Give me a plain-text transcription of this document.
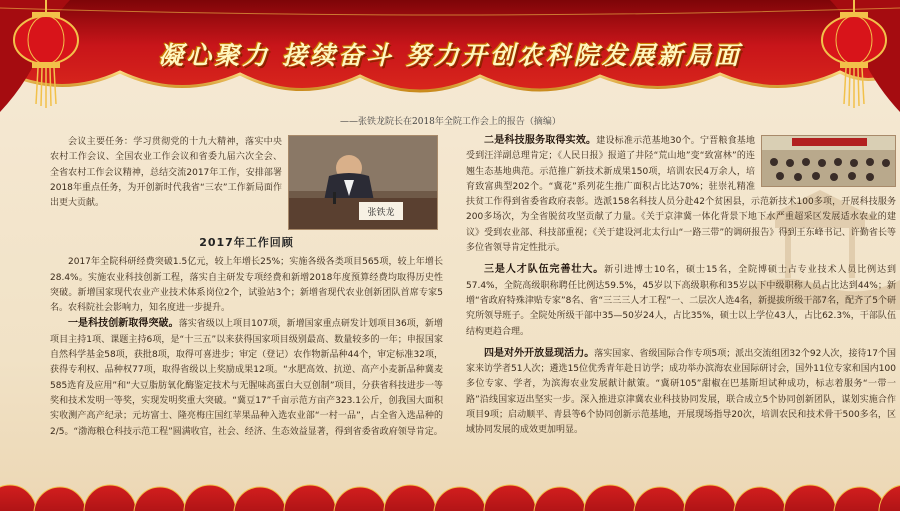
凝心聚力 接续奋斗 努力开创农科院发展新局面
——张铁龙院长在2018年全院工作会上的报告（摘编）

会议主要任务：学习贯彻党的十九大精神，落实中央农村工作会议、全国农业工作会议和省委九届六次全会、全省农村工作会议精神，总结交流2017年工作，安排部署2018年重点任务，为开创新时代我省“三农”工作新局面作出更大贡献。

张铁龙
2017年工作回顾

2017年全院科研经费突破1.5亿元，较上年增长25%；实施各级各类项目565项，较上年增长28.4%。实施农业科技创新工程，落实自主研发专项经费和新增2018年度预算经费均取得历史性突破。新增国家现代农业产业技术体系岗位2个，试验站3个；新增省现代农业创新团队首席专家5名。农科院社会影响力，知名度进一步提升。

一是科技创新取得突破。落实省级以上项目107项，新增国家重点研发计划项目36项，新增项目主持1项、课题主持6项，是“十三五”以来获得国家项目级别最高、数量较多的一年；申报国家自然科学基金58项，获批8项，取得可喜进步；审定（登记）农作物新品种44个，审定标准32项，获得专利权、品种权77项，取得省级以上奖励成果12项。“水肥高效、抗逆、高产小麦新品种冀麦585选育及应用”和“大豆脂肪氧化酶鉴定技术与无腥味高蛋白大豆创制”项目，分获省科技进步一等奖和技术发明一等奖，实现发明奖重大突破。“冀豆17”千亩示范方亩产323.1公斤，创我国大面积实收测产高产纪录；元坊富士、隆亮梅庄国红苹果品种入选农业部“一村一品”，占全省入选品种的2/5。“渤海粮仓科技示范工程”圆满收官，社会、经济、生态效益显著，得到省委省政府领导肯定。

二是科技服务取得实效。建设标准示范基地30个。宁晋粮食基地受到汪洋副总理肯定；《人民日报》报道了井陉“荒山地”变“致富林”的连翘生态基地典范。示范推广新技术新成果150项，培训农民4万余人，培育致富典型202个。“冀花”系列花生推广面积占比达70%；驻崇礼精准扶贫工作得到省委省政府表彰。选派158名科技人员分赴42个贫困县，示范新技术100多项，开展科技服务200多场次，为全省脱贫攻坚贡献了力量。《关于京津冀一体化背景下地下水严重超采区发展适水农业的建议》受到农业部、科技部重视；《关于建设河北太行山“一路三带”的调研报告》得到王东峰书记、许勤省长等多位省领导肯定性批示。

三是人才队伍完善壮大。新引进博士10名，硕士15名，全院博硕士占专业技术人员比例达到57.4%，全院高级职称聘任比例达59.5%，45岁以下高级职称和35岁以下中级职称人员占比达到44%；新增“省政府特殊津贴专家”8名、省“三三三人才工程”一、二层次人选4名，新提拔所级干部7名，配齐了5个研究所领导班子。全院处所级干部中35—50岁24人，占比35%，硕士以上学位43人，占比62.3%，干部队伍结构更趋合理。

四是对外开放显现活力。落实国家、省级国际合作专项5项；派出交流组团32个92人次，接待17个国家来访学者51人次；遴选15位优秀青年赴日访学；成功举办滨海农业国际研讨会，国外11位专家和国内100多位专家、学者，为滨海农业发展献计献策。“冀研105”甜椒在巴基斯坦试种成功，标志着服务“一带一路”沿线国家迈出坚实一步。深入推进京津冀农业科技协同发展，联合成立5个协同创新团队，谋划实施合作项目9项；启动顺平、青县等6个协同创新示范基地，开展现场指导20次，培训农民和技术骨干500多名，区域协同发展的成效更加明显。
